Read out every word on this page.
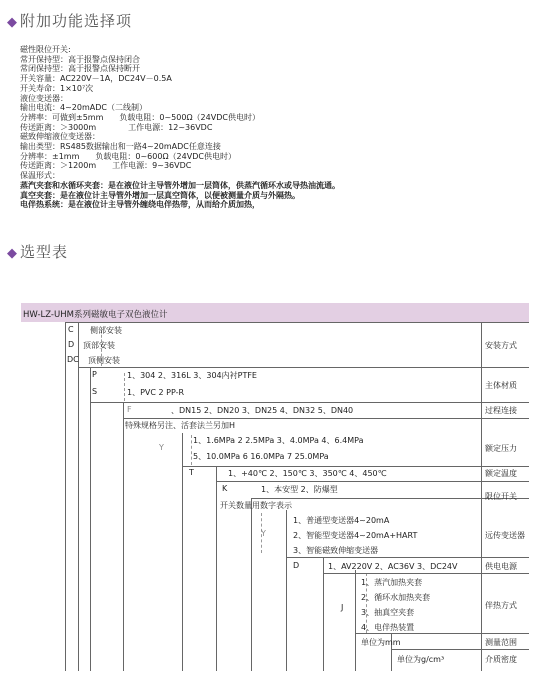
◆ 附加功能选择项
磁性限位开关:
常开保持型：高于报警点保持闭合
常闭保持型：高于报警点保持断开
开关容量：AC220V－1A，DC24V－0.5A
开关寿命：1×10⁷次
液位变送器：
输出电流：4~20mADC（二线制）
分辨率：可做到±5mm　　负载电阻：0~500Ω（24VDC供电时）
传送距离：＞3000m　　　　工作电源：12~36VDC
磁致伸缩液位变送器：
输出类型：RS485数据输出和一路4~20mADC任意连接
分辨率：±1mm　　负载电阻：0~600Ω（24VDC供电时）
传送距离：＞1200m　　工作电源：9~36VDC
保温形式：
蒸汽夹套和水循环夹套：是在液位计主导管外增加一层筒体，供蒸汽循环水或导热油流通。
真空夹套：是在液位计主导管外增加一层真空筒体，以便被测量介质与外隔热。
电伴热系统：是在液位计主导管外缠绕电伴热带，从而给介质加热，
◆ 选型表
HW-LZ-UHM系列磁敏电子双色液位计
C 侧部安装
D 顶部安装
DC 顶侧安装
安装方式
P	1、304 2、316L 3、304内衬PTFE
S	1、PVC 2 PP-R
主体材质
F	、DN15 2、DN20 3、DN25 4、DN32 5、DN40	过程连接
特殊规格另注、活套法兰另加H
Y
1、1.6MPa 2 2.5MPa 3、4.0MPa 4、6.4MPa
5、10.0MPa 6 16.0MPa 7 25.0MPa
额定压力
T	1、+40℃ 2、150℃ 3、350℃ 4、450℃	额定温度
K	1、本安型 2、防爆型
限位开关
开关数量用数字表示
Y
1、普通型变送器4~20mA
2、智能型变送器4~20mA+HART
3、智能磁致伸缩变送器
远传变送器
D	1、AV220V 2、AC36V 3、DC24V	供电电源
J
1、蒸汽加热夹套
2、循环水加热夹套
3、抽真空夹套
4、电伴热装置
伴热方式
单位为mm	测量范围
单位为g/cm³	介质密度
